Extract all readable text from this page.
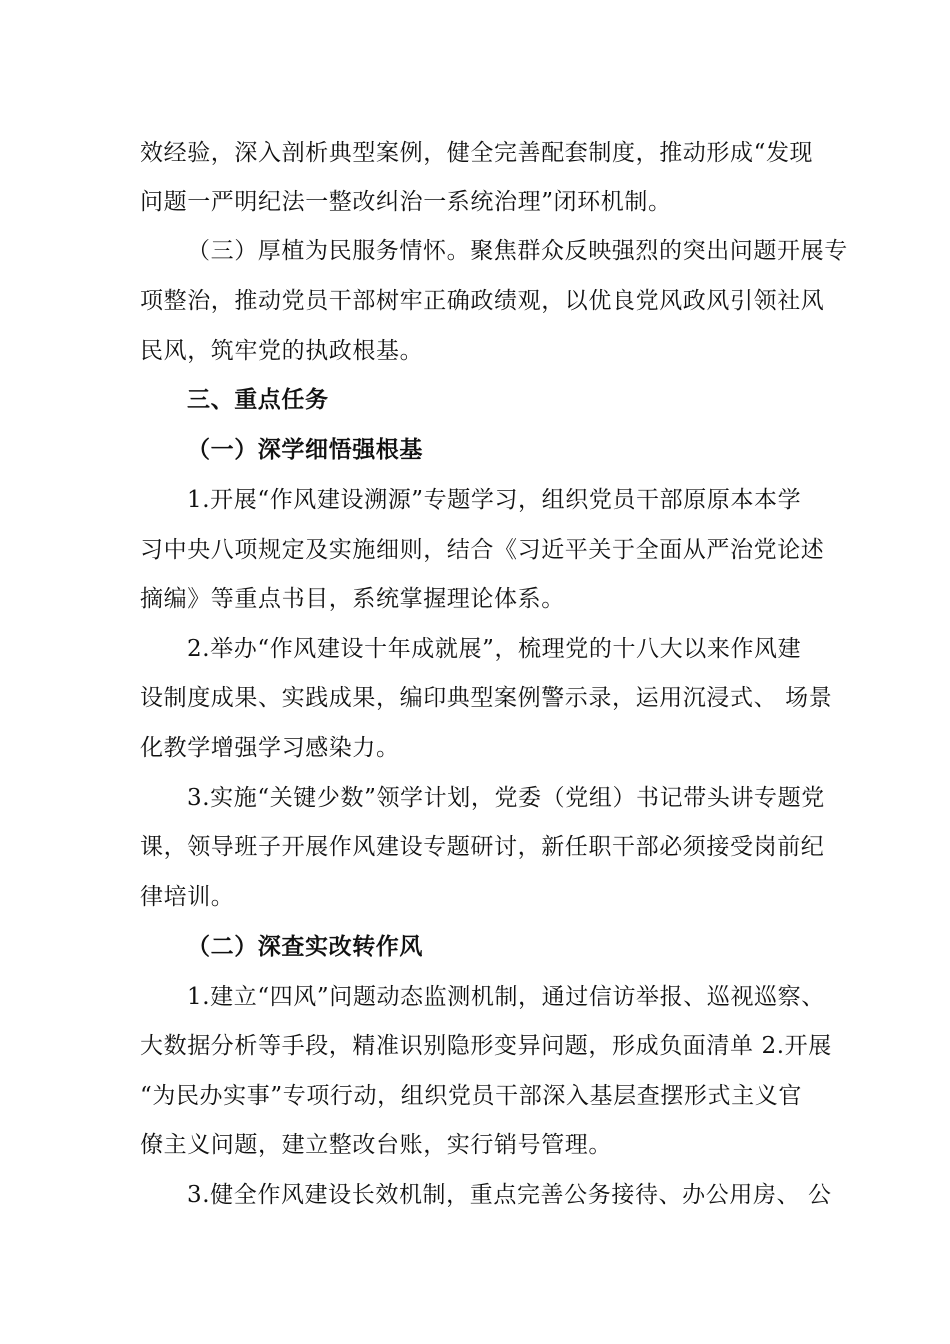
效经验，深入剖析典型案例，健全完善配套制度，推动形成“发现
问题一严明纪法一整改纠治一系统治理”闭环机制。
（三）厚植为民服务情怀。聚焦群众反映强烈的突出问题开展专
项整治，推动党员干部树牢正确政绩观，以优良党风政风引领社风
民风，筑牢党的执政根基。
三、重点任务
（一）深学细悟强根基
1.开展“作风建设溯源”专题学习，组织党员干部原原本本学
习中央八项规定及实施细则，结合《习近平关于全面从严治党论述
摘编》等重点书目，系统掌握理论体系。
2.举办“作风建设十年成就展”，梳理党的十八大以来作风建
设制度成果、实践成果，编印典型案例警示录，运用沉浸式、 场景
化教学增强学习感染力。
3.实施“关键少数”领学计划，党委（党组）书记带头讲专题党
课，领导班子开展作风建设专题研讨，新任职干部必须接受岗前纪
律培训。
（二）深查实改转作风
1.建立“四风”问题动态监测机制，通过信访举报、巡视巡察、
大数据分析等手段，精准识别隐形变异问题，形成负面清单 2.开展
“为民办实事”专项行动，组织党员干部深入基层查摆形式主义官
僚主义问题，建立整改台账，实行销号管理。
3.健全作风建设长效机制，重点完善公务接待、办公用房、 公
